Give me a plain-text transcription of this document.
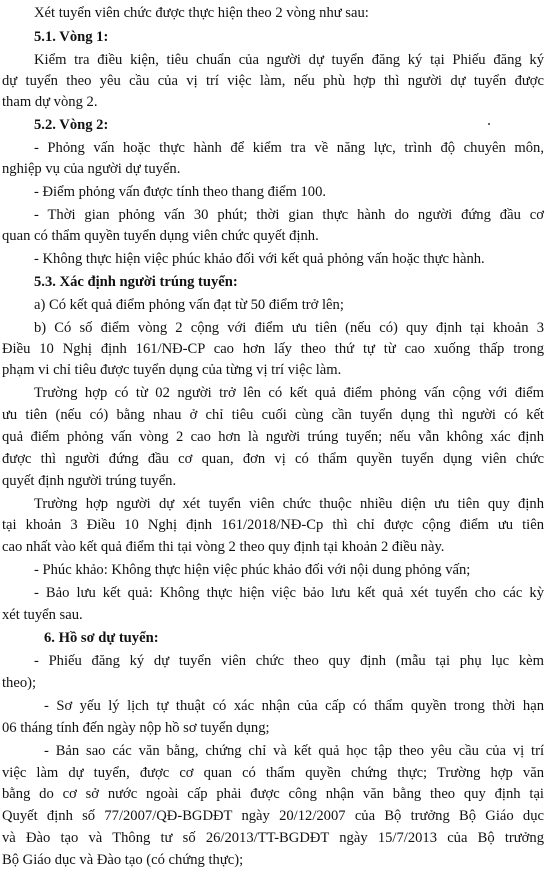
Xét tuyển viên chức được thực hiện theo 2 vòng như sau:
5.1. Vòng 1:
Kiểm tra điều kiện, tiêu chuẩn của người dự tuyển đăng ký tại Phiếu đăng ký
dự tuyển theo yêu cầu của vị trí việc làm, nếu phù hợp thì người dự tuyển được
tham dự vòng 2.
5.2. Vòng 2:
- Phỏng vấn hoặc thực hành để kiểm tra về năng lực, trình độ chuyên môn,
nghiệp vụ của người dự tuyển.
- Điểm phỏng vấn được tính theo thang điểm 100.
- Thời gian phỏng vấn 30 phút; thời gian thực hành do người đứng đầu cơ
quan có thẩm quyền tuyển dụng viên chức quyết định.
- Không thực hiện việc phúc khảo đối với kết quả phỏng vấn hoặc thực hành.
5.3. Xác định người trúng tuyển:
a) Có kết quả điểm phỏng vấn đạt từ 50 điểm trở lên;
b) Có số điểm vòng 2 cộng với điểm ưu tiên (nếu có) quy định tại khoản 3
Điều 10 Nghị định 161/NĐ-CP cao hơn lấy theo thứ tự từ cao xuống thấp trong
phạm vi chỉ tiêu được tuyển dụng của từng vị trí việc làm.
Trường hợp có từ 02 người trở lên có kết quả điểm phỏng vấn cộng với điểm
ưu tiên (nếu có) bằng nhau ở chỉ tiêu cuối cùng cần tuyển dụng thì người có kết
quả điểm phỏng vấn vòng 2 cao hơn là người trúng tuyển; nếu vẫn không xác định
được thì người đứng đầu cơ quan, đơn vị có thẩm quyền tuyển dụng viên chức
quyết định người trúng tuyển.
Trường hợp người dự xét tuyển viên chức thuộc nhiều diện ưu tiên quy định
tại khoản 3 Điều 10 Nghị định 161/2018/NĐ-Cp thì chỉ được cộng điểm ưu tiên
cao nhất vào kết quả điểm thi tại vòng 2 theo quy định tại khoản 2 điều này.
- Phúc khảo: Không thực hiện việc phúc khảo đối với nội dung phỏng vấn;
- Bảo lưu kết quả: Không thực hiện việc bảo lưu kết quả xét tuyển cho các kỳ
xét tuyển sau.
6. Hồ sơ dự tuyển:
- Phiếu đăng ký dự tuyển viên chức theo quy định (mẫu tại phụ lục kèm
theo);
- Sơ yếu lý lịch tự thuật có xác nhận của cấp có thẩm quyền trong thời hạn
06 tháng tính đến ngày nộp hồ sơ tuyển dụng;
- Bản sao các văn bằng, chứng chỉ và kết quả học tập theo yêu cầu của vị trí
việc làm dự tuyển, được cơ quan có thẩm quyền chứng thực; Trường hợp văn
bằng do cơ sở nước ngoài cấp phải được công nhận văn bằng theo quy định tại
Quyết định số 77/2007/QĐ-BGDĐT ngày 20/12/2007 của Bộ trưởng Bộ Giáo dục
và Đào tạo và Thông tư số 26/2013/TT-BGDĐT ngày 15/7/2013 của Bộ trưởng
Bộ Giáo dục và Đào tạo (có chứng thực);
